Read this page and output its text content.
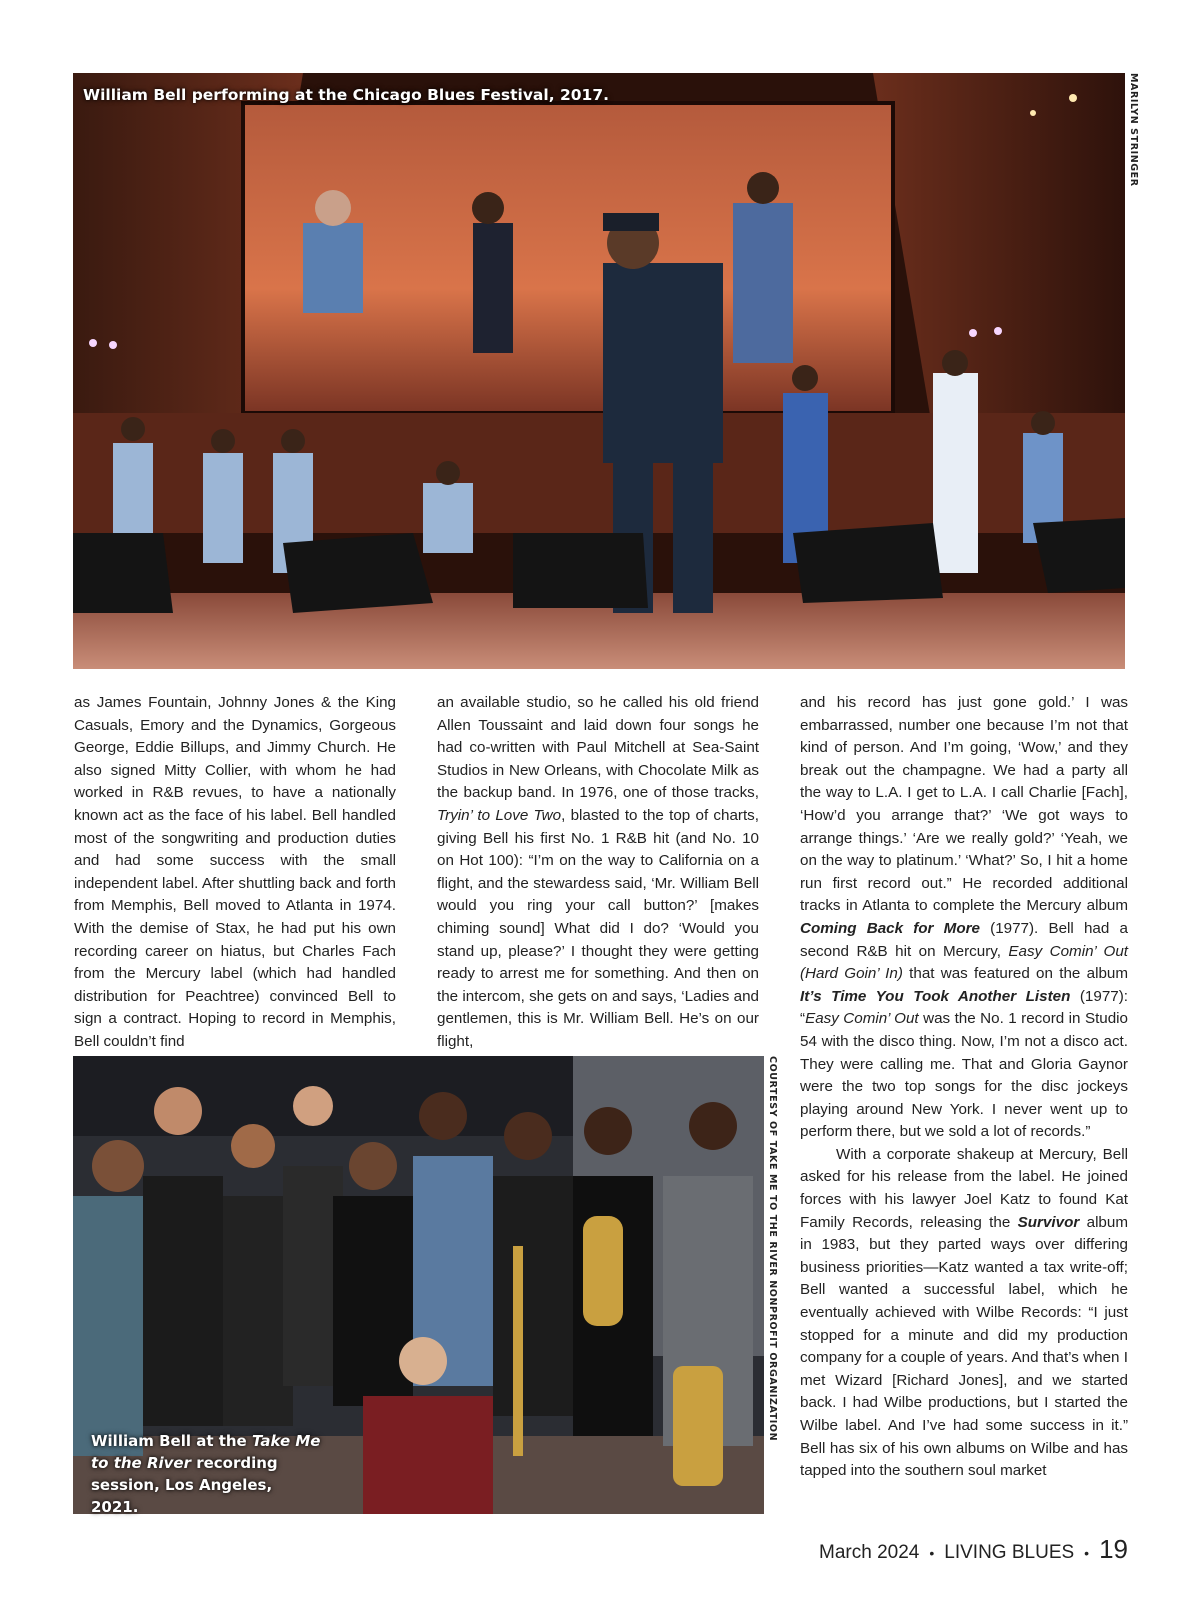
William Bell performing at the Chicago Blues Festival, 2017.	MARILYN STRINGER

as James Fountain, Johnny Jones & the King Casuals, Emory and the Dynamics, Gorgeous George, Eddie Billups, and Jimmy Church. He also signed Mitty Collier, with whom he had worked in R&B revues, to have a nationally known act as the face of his label. Bell handled most of the songwriting and production duties and had some success with the small independent label. After shuttling back and forth from Memphis, Bell moved to Atlanta in 1974. With the demise of Stax, he had put his own recording career on hiatus, but Charles Fach from the Mercury label (which had handled distribution for Peachtree) convinced Bell to sign a contract. Hoping to record in Memphis, Bell couldn’t find

an available studio, so he called his old friend Allen Toussaint and laid down four songs he had co-written with Paul Mitchell at Sea-Saint Studios in New Orleans, with Chocolate Milk as the backup band. In 1976, one of those tracks, Tryin’ to Love Two, blasted to the top of charts, giving Bell his first No. 1 R&B hit (and No. 10 on Hot 100): “I’m on the way to California on a flight, and the stewardess said, ‘Mr. William Bell would you ring your call button?’ [makes chiming sound] What did I do? ‘Would you stand up, please?’ I thought they were getting ready to arrest me for something. And then on the intercom, she gets on and says, ‘Ladies and gentlemen, this is Mr. William Bell. He’s on our flight,

and his record has just gone gold.’ I was embarrassed, number one because I’m not that kind of person. And I’m going, ‘Wow,’ and they break out the champagne. We had a party all the way to L.A. I get to L.A. I call Charlie [Fach], ‘How’d you arrange that?’ ‘We got ways to arrange things.’ ‘Are we really gold?’ ‘Yeah, we on the way to platinum.’ ‘What?’ So, I hit a home run first record out.” He recorded additional tracks in Atlanta to complete the Mercury album Coming Back for More (1977). Bell had a second R&B hit on Mercury, Easy Comin’ Out (Hard Goin’ In) that was featured on the album It’s Time You Took Another Listen (1977): “Easy Comin’ Out was the No. 1 record in Studio 54 with the disco thing. Now, I’m not a disco act. They were calling me. That and Gloria Gaynor were the two top songs for the disc jockeys playing around New York. I never went up to perform there, but we sold a lot of records.”

With a corporate shakeup at Mercury, Bell asked for his release from the label. He joined forces with his lawyer Joel Katz to found Kat Family Records, releasing the Survivor album in 1983, but they parted ways over differing business priorities—Katz wanted a tax write-off; Bell wanted a successful label, which he eventually achieved with Wilbe Records: “I just stopped for a minute and did my production company for a couple of years. And that’s when I met Wizard [Richard Jones], and we started back. I had Wilbe productions, but I started the Wilbe label. And I’ve had some success in it.” Bell has six of his own albums on Wilbe and has tapped into the southern soul market

William Bell at the Take Me to the River recording session, Los Angeles, 2021.
COURTESY OF TAKE ME TO THE RIVER NONPROFIT ORGANIZATION
March 2024 • LIVING BLUES • 19
